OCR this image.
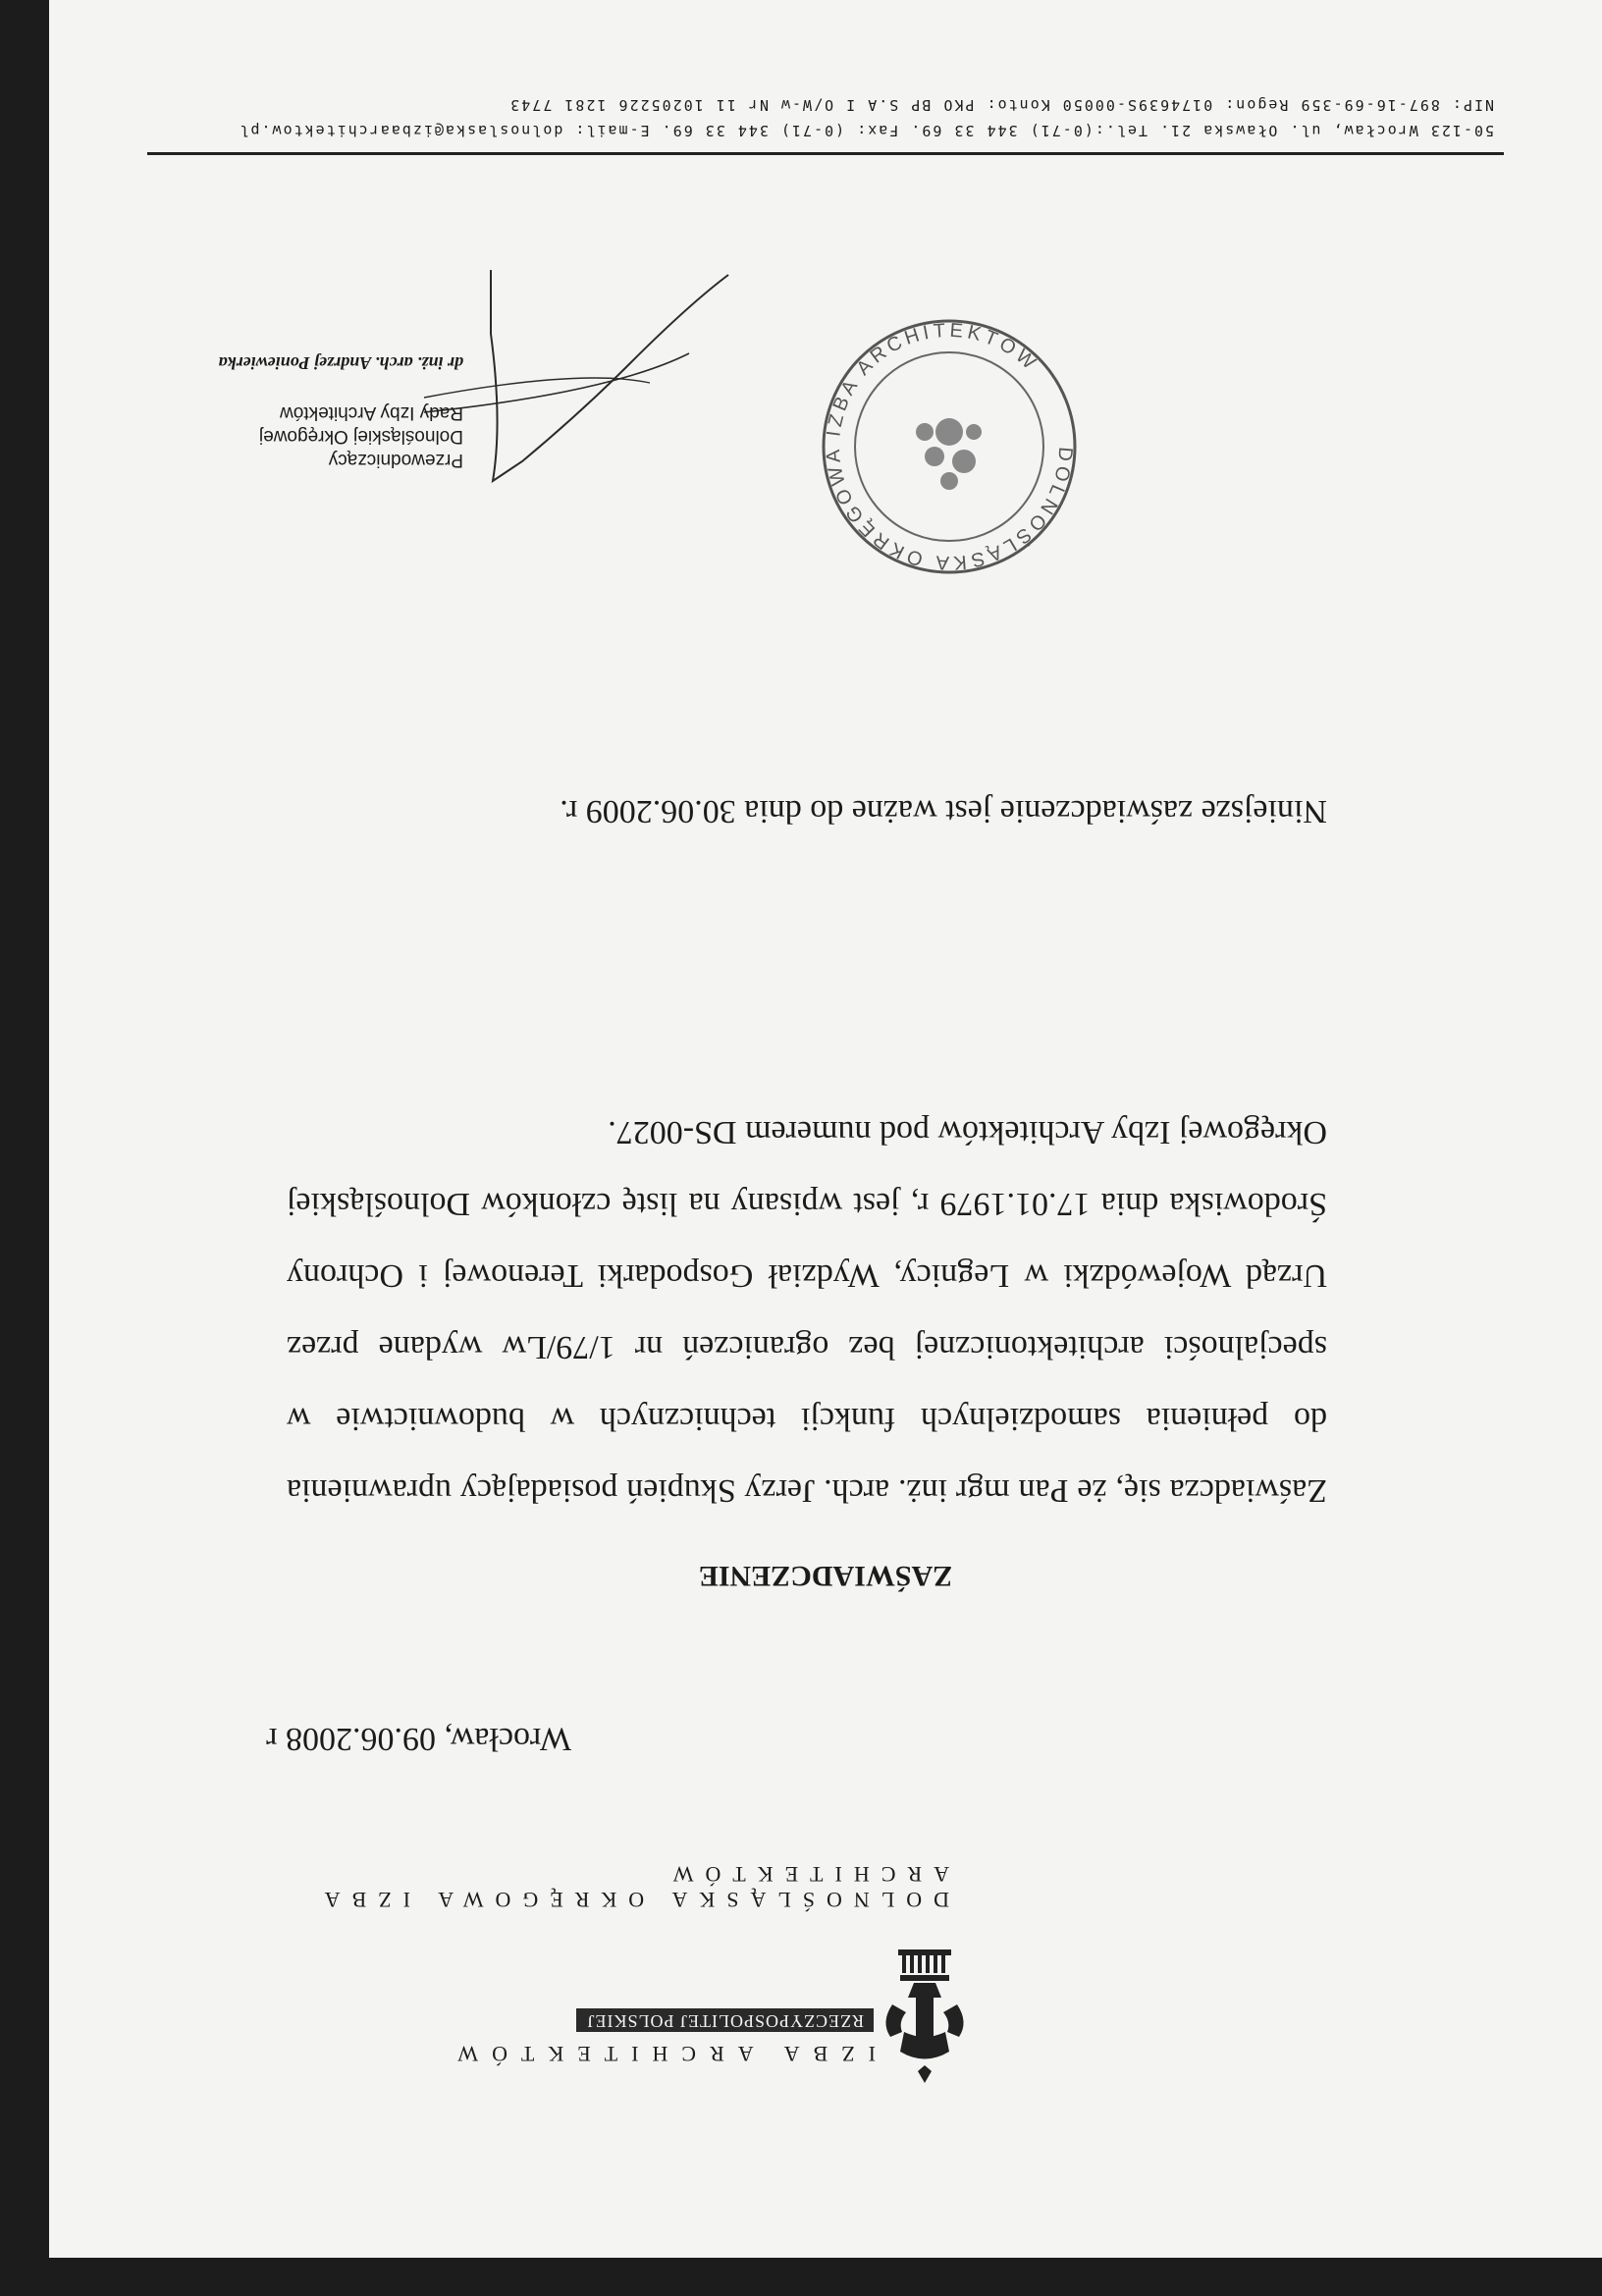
IZBA ARCHITEKTÓW
RZECZYPOSPOLITEJ POLSKIEJ
DOLNOŚLĄSKA OKRĘGOWA IZBA ARCHITEKTÓW
Wrocław, 09.06.2008 r
ZAŚWIADCZENIE
Zaświadcza się, że Pan mgr inż. arch. Jerzy Skupień posiadający uprawnienia do pełnienia samodzielnych funkcji technicznych w budownictwie w specjalności architektonicznej bez ograniczeń nr 1/79/Lw wydane przez Urząd Wojewódzki w Legnicy, Wydział Gospodarki Terenowej i Ochrony Środowiska dnia 17.01.1979 r, jest wpisany na listę członków Dolnośląskiej Okręgowej Izby Architektów pod numerem DS-0027.
Niniejsze zaświadczenie jest ważne do dnia 30.06.2009 r.
DOLNOŚLĄSKA OKRĘGOWA IZBA ARCHITEKTÓW
Przewodniczący
Dolnośląskiej Okręgowej
Rady Izby Architektów
dr inż. arch. Andrzej Poniewierka
50-123 Wrocław, ul. Oławska 21. Tel.:(0-71) 344 33 69. Fax: (0-71) 344 33 69. E-mail: dolnoslaska@izbaarchitektow.pl
NIP: 897-16-69-359 Regon: 0174639S-00050 Konto: PKO BP S.A I O/W-w Nr 11 10205226 1281 7743
